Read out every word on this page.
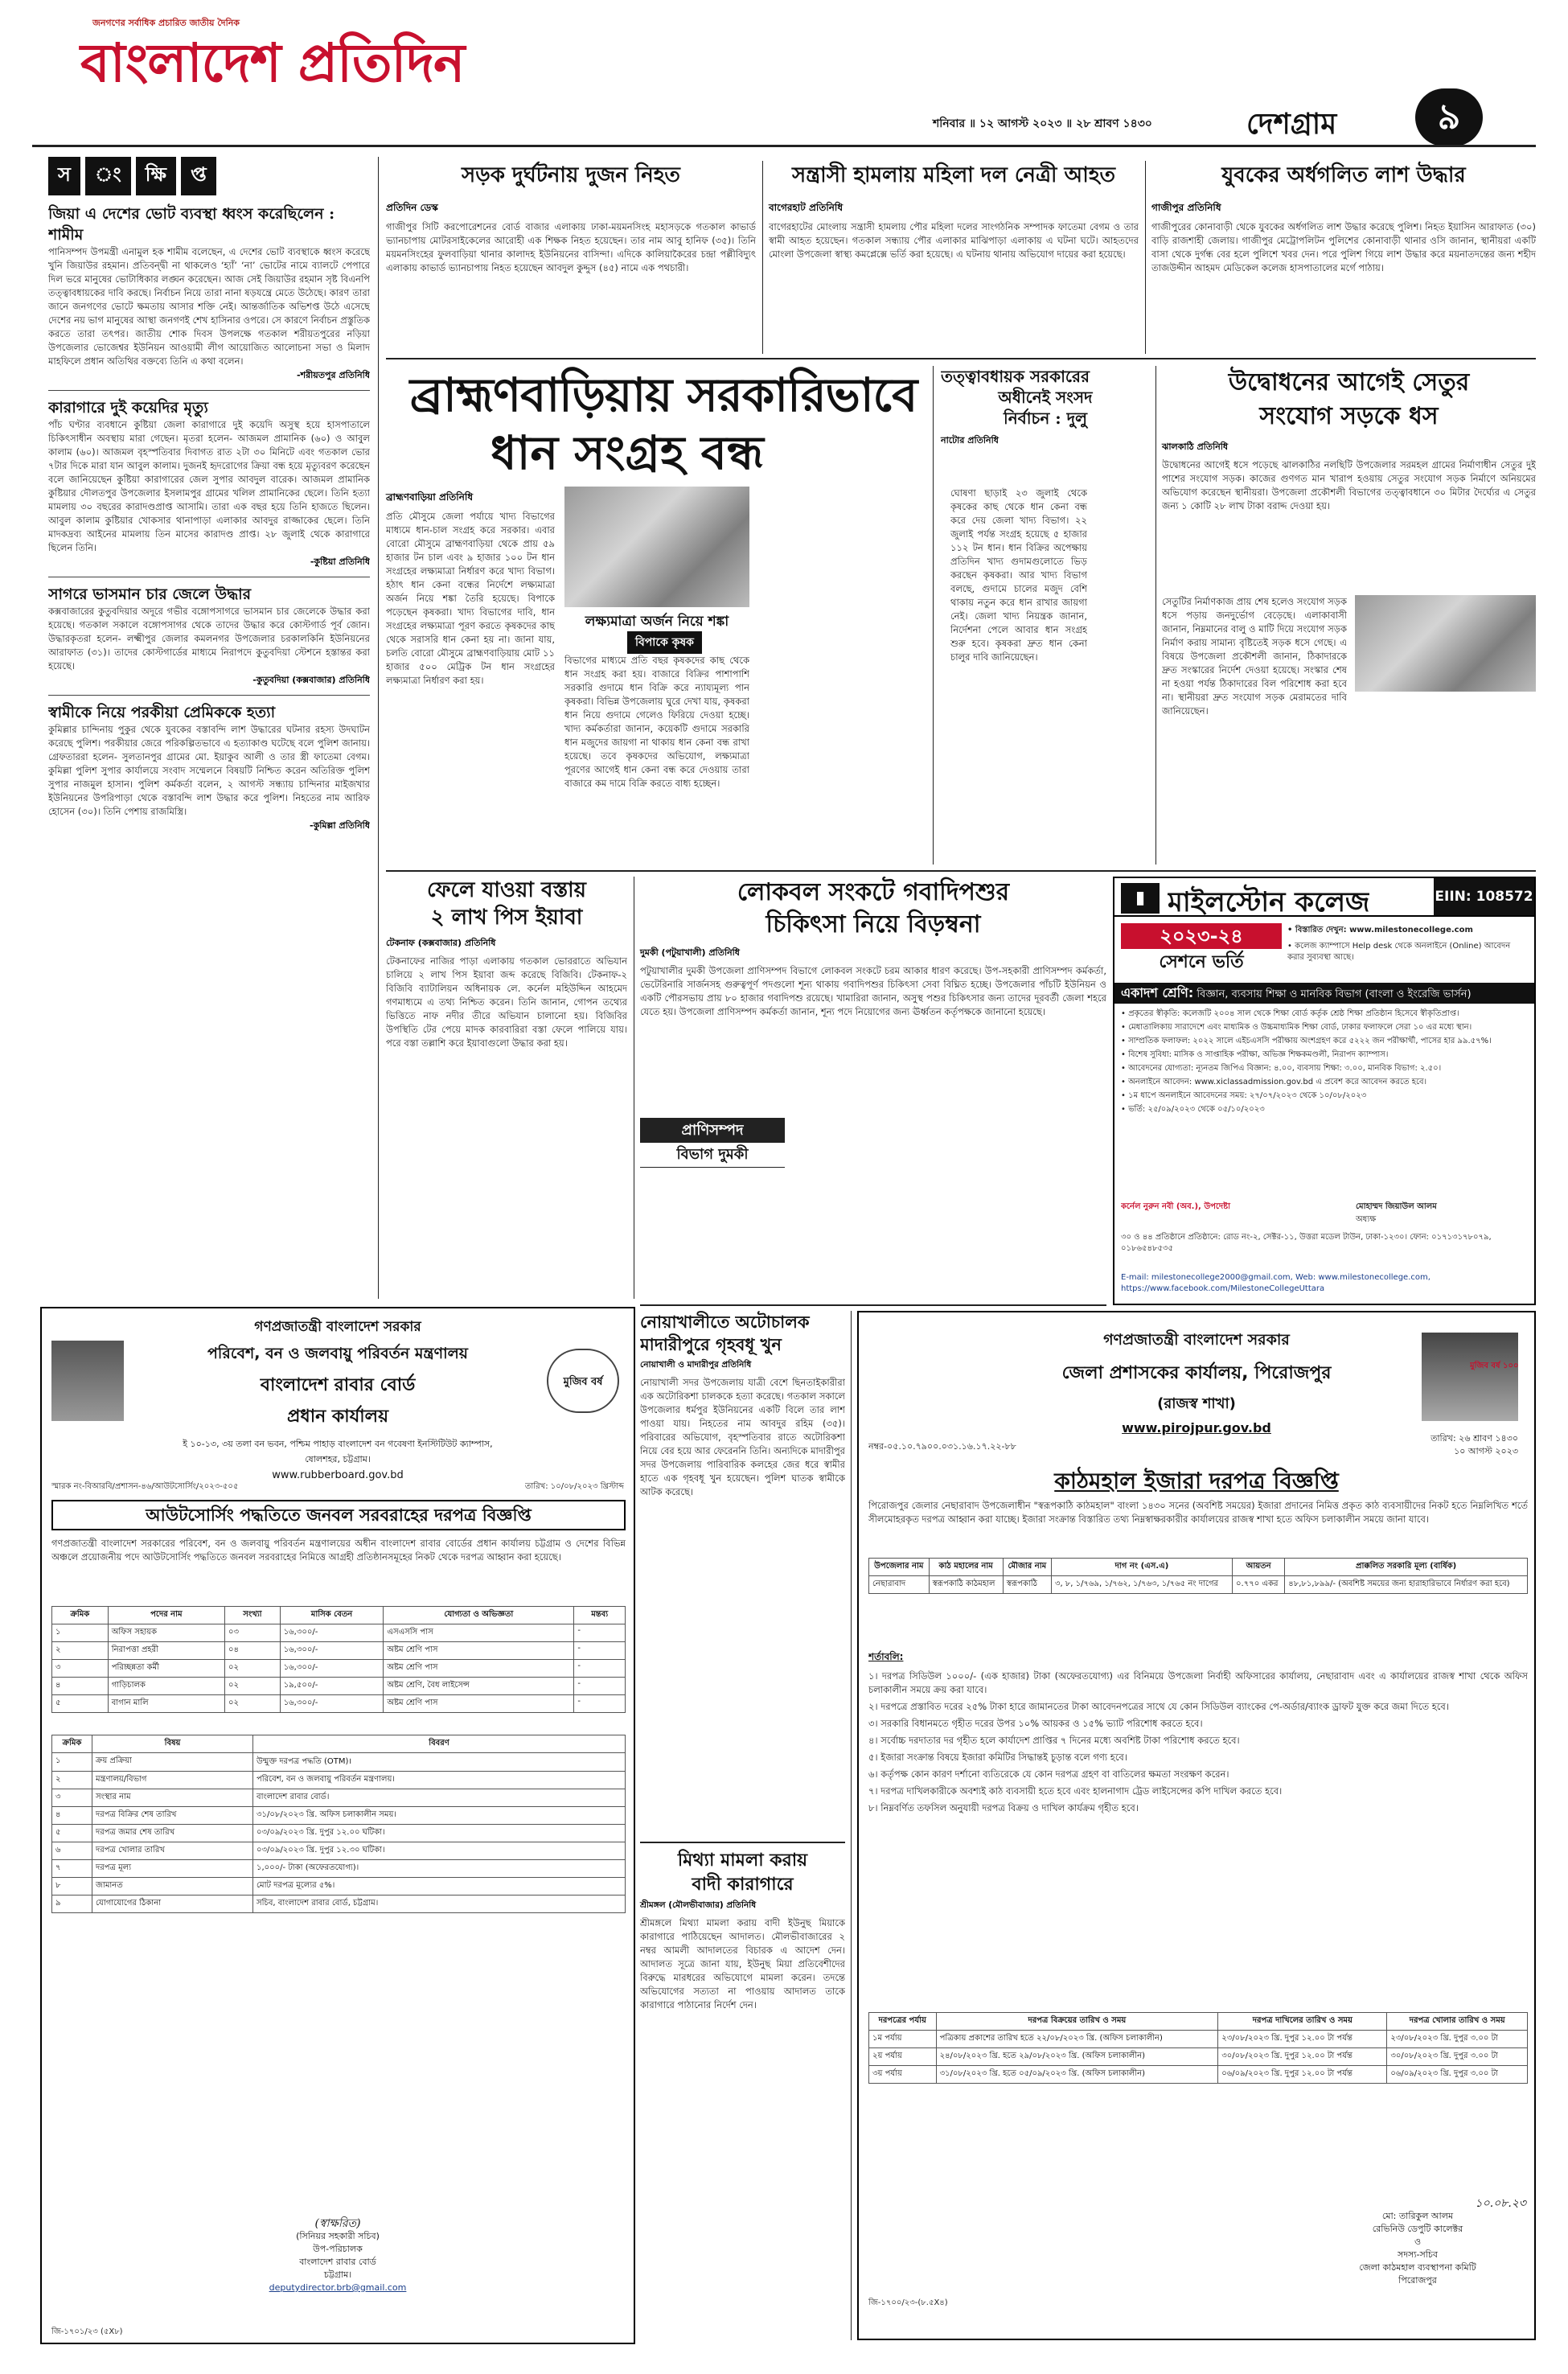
জনগণের সর্বাধিক প্রচারিত জাতীয় দৈনিক
বাংলাদেশ প্রতিদিন
শনিবার ॥ ১২ আগস্ট ২০২৩ ॥ ২৮ শ্রাবণ ১৪৩০	দেশগ্রাম	৯
স	ং	ক্ষি	প্ত
জিয়া এ দেশের ভোট ব্যবস্থা ধ্বংস করেছিলেন : শামীম
পানিসম্পদ উপমন্ত্রী এনামুল হক শামীম বলেছেন, এ দেশের ভোট ব্যবস্থাকে ধ্বংস করেছে খুনি জিয়াউর রহমান। প্রতিবন্দ্বী না থাকলেও ‘হ্যাঁ’ ‘না’ ভোটের নামে ব্যালটে পেপারে দিল ভরে মানুষের ভোটাধিকার লঙ্ঘন করেছেন। আজ সেই জিয়াউর রহমান সৃষ্ট বিএনপি তত্ত্বাবধায়কের দাবি করছে। নির্বাচন নিয়ে তারা নানা ষড়যন্ত্রে মেতে উঠেছে। কারণ তারা জানে জনগণের ভোটে ক্ষমতায় আসার শক্তি নেই। আন্তর্জাতিক অভিশপ্ত উঠে এসেছে দেশের নয় ভাগ মানুষের আস্থা জনগণই শেখ হাসিনার ওপরে। সে কারণে নির্বাচন প্রস্তুতিক করতে তারা তৎপর। জাতীয় শোক দিবস উপলক্ষে গতকাল শরীয়তপুরের নড়িয়া উপজেলার ভোজেশ্বর ইউনিয়ন আওয়ামী লীগ আয়োজিত আলোচনা সভা ও মিলাদ মাহফিলে প্রধান অতিথির বক্তব্যে তিনি এ কথা বলেন।
-শরীয়তপুর প্রতিনিধি
কারাগারে দুই কয়েদির মৃত্যু
পাঁচ ঘণ্টার ব্যবধানে কুষ্টিয়া জেলা কারাগারে দুই কয়েদি অসুস্থ হয়ে হাসপাতালে চিকিৎসাধীন অবস্থায় মারা গেছেন। মৃতরা হলেন- আজমল প্রামানিক (৬০) ও আবুল কালাম (৬০)। আজমল বৃহস্পতিবার দিবাগত রাত ২টা ৩০ মিনিটে এবং গতকাল ভোর ৭টার দিকে মারা যান আবুল কালাম। দুজনই হৃদরোগের ক্রিয়া বন্ধ হয়ে মৃত্যুবরণ করেছেন বলে জানিয়েছেন কুষ্টিয়া কারাগারের জেল সুপার আবদুল বারেক। আজমল প্রামানিক কুষ্টিয়ার দৌলতপুর উপজেলার ইসলামপুর গ্রামের খলিল প্রামানিকের ছেলে। তিনি হত্যা মামলায় ৩০ বছরের কারাদণ্ডপ্রাপ্ত আসামি। তারা এক বছর হয়ে তিনি হাজতে ছিলেন। আবুল কালাম কুষ্টিয়ার খোকসার থানাপাড়া এলাকার আবদুর রাজ্জাকের ছেলে। তিনি মাদকদ্রব্য আইনের মামলায় তিন মাসের কারাদণ্ড প্রাপ্ত। ২৮ জুলাই থেকে কারাগারে ছিলেন তিনি।
-কুষ্টিয়া প্রতিনিধি
সাগরে ভাসমান চার জেলে উদ্ধার
কক্সবাজারের কুতুবদিয়ার অদূরে গভীর বঙ্গোপসাগরে ভাসমান চার জেলেকে উদ্ধার করা হয়েছে। গতকাল সকালে বঙ্গোপসাগর থেকে তাদের উদ্ধার করে কোস্টগার্ড পূর্ব জোন। উদ্ধারকৃতরা হলেন- লক্ষ্মীপুর জেলার কমলনগর উপজেলার চরকালকিনি ইউনিয়নের আরাফাত (৩১)। তাদের কোস্টগার্ডের মাধ্যমে নিরাপদে কুতুবদিয়া স্টেশনে হস্তান্তর করা হয়েছে।
-কুতুবদিয়া (কক্সবাজার) প্রতিনিধি
স্বামীকে নিয়ে পরকীয়া প্রেমিককে হত্যা
কুমিল্লার চান্দিনায় পুকুর থেকে যুবকের বস্তাবন্দি লাশ উদ্ধারের ঘটনার রহস্য উদঘাটন করেছে পুলিশ। পরকীয়ার জেরে পরিকল্পিতভাবে এ হত্যাকাণ্ড ঘটেছে বলে পুলিশ জানায়। গ্রেফতাররা হলেন- সুলতানপুর গ্রামের মো. ইয়াকুব আলী ও তার স্ত্রী ফাতেমা বেগম। কুমিল্লা পুলিশ সুপার কার্যালয়ে সংবাদ সম্মেলনে বিষয়টি নিশ্চিত করেন অতিরিক্ত পুলিশ সুপার নাজমুল হাসান। পুলিশ কর্মকর্তা বলেন, ২ আগস্ট সন্ধ্যায় চান্দিনার মাইজখার ইউনিয়নের উপরিপাড়া থেকে বস্তাবন্দি লাশ উদ্ধার করে পুলিশ। নিহতের নাম আরিফ হোসেন (৩০)। তিনি পেশায় রাজমিস্ত্রি।
-কুমিল্লা প্রতিনিধি
সড়ক দুর্ঘটনায় দুজন নিহত
প্রতিদিন ডেস্ক
গাজীপুর সিটি করপোরেশনের বোর্ড বাজার এলাকায় ঢাকা-ময়মনসিংহ মহাসড়কে গতকাল কাভার্ড ভ্যানচাপায় মোটরসাইকেলের আরোহী এক শিক্ষক নিহত হয়েছেন। তার নাম আবু হানিফ (৩৫)। তিনি ময়মনসিংহের ফুলবাড়িয়া থানার কালাদহ ইউনিয়নের বাসিন্দা। এদিকে কালিয়াকৈরের চন্দ্রা পল্লীবিদ্যুৎ এলাকায় কাভার্ড ভ্যানচাপায় নিহত হয়েছেন আবদুল কুদ্দুস (৪৫) নামে এক পথচারী।
সন্ত্রাসী হামলায় মহিলা দল নেত্রী আহত
বাগেরহাট প্রতিনিধি
বাগেরহাটের মোংলায় সন্ত্রাসী হামলায় পৌর মহিলা দলের সাংগঠনিক সম্পাদক ফাতেমা বেগম ও তার স্বামী আহত হয়েছেন। গতকাল সন্ধ্যায় পৌর এলাকার মাঝিপাড়া এলাকায় এ ঘটনা ঘটে। আহতদের মোংলা উপজেলা স্বাস্থ্য কমপ্লেক্সে ভর্তি করা হয়েছে। এ ঘটনায় থানায় অভিযোগ দায়ের করা হয়েছে।
যুবকের অর্ধগলিত লাশ উদ্ধার
গাজীপুর প্রতিনিধি
গাজীপুরের কোনাবাড়ী থেকে যুবকের অর্ধগলিত লাশ উদ্ধার করেছে পুলিশ। নিহত ইয়াসিন আরাফাত (৩০) বাড়ি রাজশাহী জেলায়। গাজীপুর মেট্রোপলিটন পুলিশের কোনাবাড়ী থানার ওসি জানান, স্থানীয়রা একটি বাসা থেকে দুর্গন্ধ বের হলে পুলিশে খবর দেন। পরে পুলিশ গিয়ে লাশ উদ্ধার করে ময়নাতদন্তের জন্য শহীদ তাজউদ্দীন আহমদ মেডিকেল কলেজ হাসপাতালের মর্গে পাঠায়।
ব্রাহ্মণবাড়িয়ায় সরকারিভাবে
ধান সংগ্রহ বন্ধ
ব্রাহ্মণবাড়িয়া প্রতিনিধি
প্রতি মৌসুমে জেলা পর্যায়ে খাদ্য বিভাগের মাধ্যমে ধান-চাল সংগ্রহ করে সরকার। এবার বোরো মৌসুমে ব্রাহ্মণবাড়িয়া থেকে প্রায় ৫৯ হাজার টন চাল এবং ৯ হাজার ১০০ টন ধান সংগ্রহের লক্ষ্যমাত্রা নির্ধারণ করে খাদ্য বিভাগ। হঠাৎ ধান কেনা বন্ধের নির্দেশে লক্ষ্যমাত্রা অর্জন নিয়ে শঙ্কা তৈরি হয়েছে। বিপাকে পড়েছেন কৃষকরা। খাদ্য বিভাগের দাবি, ধান সংগ্রহের লক্ষ্যমাত্রা পূরণ করতে কৃষকদের কাছ থেকে সরাসরি ধান কেনা হয় না। জানা যায়, চলতি বোরো মৌসুমে ব্রাহ্মণবাড়িয়ায় মোট ১১ হাজার ৫০০ মেট্রিক টন ধান সংগ্রহের লক্ষ্যমাত্রা নির্ধারণ করা হয়।
লক্ষ্যমাত্রা অর্জন নিয়ে শঙ্কা
বিপাকে কৃষক
বিভাগের মাধ্যমে প্রতি বছর কৃষকদের কাছ থেকে ধান সংগ্রহ করা হয়। বাজারে বিক্রির পাশাপাশি সরকারি গুদামে ধান বিক্রি করে ন্যায্যমূল্য পান কৃষকরা। বিভিন্ন উপজেলায় ঘুরে দেখা যায়, কৃষকরা ধান নিয়ে গুদামে গেলেও ফিরিয়ে দেওয়া হচ্ছে। খাদ্য কর্মকর্তারা জানান, কয়েকটি গুদামে সরকারি ধান মজুদের জায়গা না থাকায় ধান কেনা বন্ধ রাখা হয়েছে। তবে কৃষকদের অভিযোগ, লক্ষ্যমাত্রা পূরণের আগেই ধান কেনা বন্ধ করে দেওয়ায় তারা বাজারে কম দামে বিক্রি করতে বাধ্য হচ্ছেন।
ঘোষণা ছাড়াই ২৩ জুলাই থেকে কৃষকের কাছ থেকে ধান কেনা বন্ধ করে দেয় জেলা খাদ্য বিভাগ। ২২ জুলাই পর্যন্ত সংগ্রহ হয়েছে ৫ হাজার ১১২ টন ধান। ধান বিক্রির অপেক্ষায় প্রতিদিন খাদ্য গুদামগুলোতে ভিড় করছেন কৃষকরা। আর খাদ্য বিভাগ বলছে, গুদামে চালের মজুদ বেশি থাকায় নতুন করে ধান রাখার জায়গা নেই। জেলা খাদ্য নিয়ন্ত্রক জানান, নির্দেশনা পেলে আবার ধান সংগ্রহ শুরু হবে। কৃষকরা দ্রুত ধান কেনা চালুর দাবি জানিয়েছেন।
তত্ত্বাবধায়ক সরকারের
অধীনেই সংসদ
নির্বাচন : দুলু
নাটোর প্রতিনিধি
উদ্বোধনের আগেই সেতুর
সংযোগ সড়কে ধস
ঝালকাঠি প্রতিনিধি
উদ্বোধনের আগেই ধসে পড়েছে ঝালকাঠির নলছিটি উপজেলার সরমহল গ্রামের নির্মাণাধীন সেতুর দুই পাশের সংযোগ সড়ক। কাজের গুণগত মান খারাপ হওয়ায় সেতুর সংযোগ সড়ক নির্মাণে অনিয়মের অভিযোগ করেছেন স্থানীয়রা। উপজেলা প্রকৌশলী বিভাগের তত্ত্বাবধানে ৩০ মিটার দৈর্ঘ্যের এ সেতুর জন্য ১ কোটি ২৮ লাখ টাকা বরাদ্দ দেওয়া হয়।
সেতুটির নির্মাণকাজ প্রায় শেষ হলেও সংযোগ সড়ক ধসে পড়ায় জনদুর্ভোগ বেড়েছে। এলাকাবাসী জানান, নিম্নমানের বালু ও মাটি দিয়ে সংযোগ সড়ক নির্মাণ করায় সামান্য বৃষ্টিতেই সড়ক ধসে গেছে। এ বিষয়ে উপজেলা প্রকৌশলী জানান, ঠিকাদারকে দ্রুত সংস্কারের নির্দেশ দেওয়া হয়েছে। সংস্কার শেষ না হওয়া পর্যন্ত ঠিকাদারের বিল পরিশোধ করা হবে না। স্থানীয়রা দ্রুত সংযোগ সড়ক মেরামতের দাবি জানিয়েছেন।
ফেলে যাওয়া বস্তায়
২ লাখ পিস ইয়াবা
টেকনাফ (কক্সবাজার) প্রতিনিধি
টেকনাফের নাজির পাড়া এলাকায় গতকাল ভোররাতে অভিযান চালিয়ে ২ লাখ পিস ইয়াবা জব্দ করেছে বিজিবি। টেকনাফ-২ বিজিবি ব্যাটালিয়ন অধিনায়ক লে. কর্নেল মহিউদ্দিন আহমেদ গণমাধ্যমে এ তথ্য নিশ্চিত করেন। তিনি জানান, গোপন তথ্যের ভিত্তিতে নাফ নদীর তীরে অভিযান চালানো হয়। বিজিবির উপস্থিতি টের পেয়ে মাদক কারবারিরা বস্তা ফেলে পালিয়ে যায়। পরে বস্তা তল্লাশি করে ইয়াবাগুলো উদ্ধার করা হয়।
লোকবল সংকটে গবাদিপশুর
চিকিৎসা নিয়ে বিড়ম্বনা
দুমকী (পটুয়াখালী) প্রতিনিধি
পটুয়াখালীর দুমকী উপজেলা প্রাণিসম্পদ বিভাগে লোকবল সংকটে চরম আকার ধারণ করেছে। উপ-সহকারী প্রাণিসম্পদ কর্মকর্তা, ভেটেরিনারি সার্জনসহ গুরুত্বপূর্ণ পদগুলো শূন্য থাকায় গবাদিপশুর চিকিৎসা সেবা বিঘ্নিত হচ্ছে। উপজেলার পাঁচটি ইউনিয়ন ও একটি পৌরসভায় প্রায় ৮০ হাজার গবাদিপশু রয়েছে। খামারিরা জানান, অসুস্থ পশুর চিকিৎসার জন্য তাদের দূরবর্তী জেলা শহরে যেতে হয়। উপজেলা প্রাণিসম্পদ কর্মকর্তা জানান, শূন্য পদে নিয়োগের জন্য ঊর্ধ্বতন কর্তৃপক্ষকে জানানো হয়েছে।
প্রাণিসম্পদ
বিভাগ দুমকী
▮ মাইলস্টোন কলেজ	EIIN: 108572
২০২৩-২৪
সেশনে ভর্তি
• বিস্তারিত দেখুন: www.milestonecollege.com
• কলেজ ক্যাম্পাসে Help desk থেকে অনলাইনে (Online) আবেদন করার সুব্যবস্থা আছে।
একাদশ শ্রেণি: বিজ্ঞান, ব্যবসায় শিক্ষা ও মানবিক বিভাগ (বাংলা ও ইংরেজি ভার্সন)
• প্রকৃতের স্বীকৃতি: কলেজটি ২০০৪ সাল থেকে শিক্ষা বোর্ড কর্তৃক শ্রেষ্ঠ শিক্ষা প্রতিষ্ঠান হিসেবে স্বীকৃতিপ্রাপ্ত।
• মেধাতালিকায় সারাদেশে এবং মাধ্যমিক ও উচ্চমাধ্যমিক শিক্ষা বোর্ড, ঢাকার ফলাফলে সেরা ১০ এর মধ্যে স্থান।
• সাম্প্রতিক ফলাফল: ২০২২ সালে এইচএসসি পরীক্ষায় অংশগ্রহণ করে ৫২২২ জন পরীক্ষার্থী, পাসের হার ৯৯.৫৭%।
• বিশেষ সুবিধা: মাসিক ও সাপ্তাহিক পরীক্ষা, অভিজ্ঞ শিক্ষকমণ্ডলী, নিরাপদ ক্যাম্পাস।
• আবেদনের যোগ্যতা: ন্যূনতম জিপিএ বিজ্ঞান: ৪.০০, ব্যবসায় শিক্ষা: ৩.০০, মানবিক বিভাগ: ২.৫০।
• অনলাইনে আবেদন: www.xiclassadmission.gov.bd এ প্রবেশ করে আবেদন করতে হবে।
• ১ম ধাপে অনলাইনে আবেদনের সময়: ২৭/০৭/২০২৩ থেকে ১০/০৮/২০২৩
• ভর্তি: ২৫/০৯/২০২৩ থেকে ০৫/১০/২০২৩
কর্নেল নুরুন নবী (অব.), উপদেষ্টা	মোহাম্মদ জিয়াউল আলম
অধ্যক্ষ
৩০ ও ৪৪ প্রতিষ্ঠানে প্রতিষ্ঠানে: রোড নং-২, সেক্টর-১১, উত্তরা মডেল টাউন, ঢাকা-১২৩০। ফোন: ০১৭১৩১৭৮০৭৯, ০১৮৬৫৪৮৫৩৫
E-mail: milestonecollege2000@gmail.com, Web: www.milestonecollege.com, https://www.facebook.com/MilestoneCollegeUttara
নোয়াখালীতে অটোচালক
মাদারীপুরে গৃহবধূ খুন
নোয়াখালী ও মাদারীপুর প্রতিনিধি
নোয়াখালী সদর উপজেলায় যাত্রী বেশে ছিনতাইকারীরা এক অটোরিকশা চালককে হত্যা করেছে। গতকাল সকালে উপজেলার ধর্মপুর ইউনিয়নের একটি বিলে তার লাশ পাওয়া যায়। নিহতের নাম আবদুর রহিম (৩৫)। পরিবারের অভিযোগ, বৃহস্পতিবার রাতে অটোরিকশা নিয়ে বের হয়ে আর ফেরেননি তিনি। অন্যদিকে মাদারীপুর সদর উপজেলায় পারিবারিক কলহের জের ধরে স্বামীর হাতে এক গৃহবধূ খুন হয়েছেন। পুলিশ ঘাতক স্বামীকে আটক করেছে।
মিথ্যা মামলা করায়
বাদী কারাগারে
শ্রীমঙ্গল (মৌলভীবাজার) প্রতিনিধি
শ্রীমঙ্গলে মিথ্যা মামলা করায় বাদী ইউনুছ মিয়াকে কারাগারে পাঠিয়েছেন আদালত। মৌলভীবাজারের ২ নম্বর আমলী আদালতের বিচারক এ আদেশ দেন। আদালত সূত্রে জানা যায়, ইউনুছ মিয়া প্রতিবেশীদের বিরুদ্ধে মারধরের অভিযোগে মামলা করেন। তদন্তে অভিযোগের সত্যতা না পাওয়ায় আদালত তাকে কারাগারে পাঠানোর নির্দেশ দেন।
গণপ্রজাতন্ত্রী বাংলাদেশ সরকার
পরিবেশ, বন ও জলবায়ু পরিবর্তন মন্ত্রণালয়
বাংলাদেশ রাবার বোর্ড
প্রধান কার্যালয়
ই ১০-১৩, ৩য় তলা বন ভবন, পশ্চিম পাহাড় বাংলাদেশ বন গবেষণা ইনস্টিটিউট ক্যাম্পাস, ষোলশহর, চট্টগ্রাম।
www.rubberboard.gov.bd
মুজিব বর্ষ
স্মারক নং-বিআরবি/প্রশাসন-৪৬/আউটসোর্সিং/২০২৩-৫০৫	তারিখ: ১০/০৮/২০২৩ খ্রিস্টাব্দ
আউটসোর্সিং পদ্ধতিতে জনবল সরবরাহের দরপত্র বিজ্ঞপ্তি
গণপ্রজাতন্ত্রী বাংলাদেশ সরকারের পরিবেশ, বন ও জলবায়ু পরিবর্তন মন্ত্রণালয়ের অধীন বাংলাদেশ রাবার বোর্ডের প্রধান কার্যালয় চট্টগ্রাম ও দেশের বিভিন্ন অঞ্চলে প্রয়োজনীয় পদে আউটসোর্সিং পদ্ধতিতে জনবল সরবরাহের নিমিত্তে আগ্রহী প্রতিষ্ঠানসমূহের নিকট থেকে দরপত্র আহ্বান করা হয়েছে।
ক্রমিক	পদের নাম	সংখ্যা	মাসিক বেতন	যোগ্যতা ও অভিজ্ঞতা	মন্তব্য
১	অফিস সহায়ক	০৩	১৬,৩০০/-	এসএসসি পাস	-
২	নিরাপত্তা প্রহরী	০৪	১৬,৩০০/-	অষ্টম শ্রেণি পাস	-
৩	পরিচ্ছন্নতা কর্মী	০২	১৬,৩০০/-	অষ্টম শ্রেণি পাস	-
৪	গাড়িচালক	০২	১৯,৫০০/-	অষ্টম শ্রেণি, বৈধ লাইসেন্স	-
৫	বাগান মালি	০২	১৬,৩০০/-	অষ্টম শ্রেণি পাস	-
ক্রমিক	বিষয়	বিবরণ
১	ক্রয় প্রক্রিয়া	উন্মুক্ত দরপত্র পদ্ধতি (OTM)।
২	মন্ত্রণালয়/বিভাগ	পরিবেশ, বন ও জলবায়ু পরিবর্তন মন্ত্রণালয়।
৩	সংস্থার নাম	বাংলাদেশ রাবার বোর্ড।
৪	দরপত্র বিক্রির শেষ তারিখ	৩১/০৮/২০২৩ খ্রি. অফিস চলাকালীন সময়।
৫	দরপত্র জমার শেষ তারিখ	০৩/০৯/২০২৩ খ্রি. দুপুর ১২.০০ ঘটিকা।
৬	দরপত্র খোলার তারিখ	০৩/০৯/২০২৩ খ্রি. দুপুর ১২.৩০ ঘটিকা।
৭	দরপত্র মূল্য	১,০০০/- টাকা (অফেরতযোগ্য)।
৮	জামানত	মোট দরপত্র মূল্যের ৫%।
৯	যোগাযোগের ঠিকানা	সচিব, বাংলাদেশ রাবার বোর্ড, চট্টগ্রাম।
(স্বাক্ষরিত)
(সিনিয়র সহকারী সচিব)
উপ-পরিচালক
বাংলাদেশ রাবার বোর্ড
চট্টগ্রাম।
deputydirector.brb@gmail.com
জি-১৭০১/২৩ (৫X৮)
গণপ্রজাতন্ত্রী বাংলাদেশ সরকার
জেলা প্রশাসকের কার্যালয়, পিরোজপুর
(রাজস্ব শাখা)
www.pirojpur.gov.bd
মুজিব বর্ষ ১০০
নম্বর-০৫.১০.৭৯০০.০৩১.১৬.১৭.২২-৮৮
তারিখ: ২৬ শ্রাবণ ১৪৩০
১০ আগস্ট ২০২৩
কাঠমহাল ইজারা দরপত্র বিজ্ঞপ্তি
পিরোজপুর জেলার নেছারাবাদ উপজেলাধীন "স্বরূপকাঠি কাঠমহাল" বাংলা ১৪৩০ সনের (অবশিষ্ট সময়ের) ইজারা প্রদানের নিমিত্ত প্রকৃত কাঠ ব্যবসায়ীদের নিকট হতে নিম্নলিখিত শর্তে সীলমোহরকৃত দরপত্র আহ্বান করা যাচ্ছে। ইজারা সংক্রান্ত বিস্তারিত তথ্য নিম্নস্বাক্ষরকারীর কার্যালয়ের রাজস্ব শাখা হতে অফিস চলাকালীন সময়ে জানা যাবে।
উপজেলার নাম	কাঠ মহালের নাম	মৌজার নাম	দাগ নং (এস.এ)	আয়তন	প্রাক্কলিত সরকারি মূল্য (বার্ষিক)
নেছারাবাদ	স্বরূপকাঠি কাঠমহাল	স্বরূপকাঠি	৩, ৮, ১/৭৬৯, ১/৭৬২, ১/৭৬৩, ১/৭৬৫ নং দাগের	০.৭৭০ একর	৪৮,৮১,৮৯৯/- (অবশিষ্ট সময়ের জন্য হারাহারিভাবে নির্ধারণ করা হবে)
শর্তাবলি:
১। দরপত্র সিডিউল ১০০০/- (এক হাজার) টাকা (অফেরতযোগ্য) এর বিনিময়ে উপজেলা নির্বাহী অফিসারের কার্যালয়, নেছারাবাদ এবং এ কার্যালয়ের রাজস্ব শাখা থেকে অফিস চলাকালীন সময়ে ক্রয় করা যাবে।
২। দরপত্রে প্রস্তাবিত দরের ২৫% টাকা হারে জামানতের টাকা আবেদনপত্রের সাথে যে কোন সিডিউল ব্যাংকের পে-অর্ডার/ব্যাংক ড্রাফট যুক্ত করে জমা দিতে হবে।
৩। সরকারি বিধানমতে গৃহীত দরের উপর ১০% আয়কর ও ১৫% ভ্যাট পরিশোধ করতে হবে।
৪। সর্বোচ্চ দরদাতার দর গৃহীত হলে কার্যাদেশ প্রাপ্তির ৭ দিনের মধ্যে অবশিষ্ট টাকা পরিশোধ করতে হবে।
৫। ইজারা সংক্রান্ত বিষয়ে ইজারা কমিটির সিদ্ধান্তই চূড়ান্ত বলে গণ্য হবে।
৬। কর্তৃপক্ষ কোন কারণ দর্শানো ব্যতিরেকে যে কোন দরপত্র গ্রহণ বা বাতিলের ক্ষমতা সংরক্ষণ করেন।
৭। দরপত্র দাখিলকারীকে অবশ্যই কাঠ ব্যবসায়ী হতে হবে এবং হালনাগাদ ট্রেড লাইসেন্সের কপি দাখিল করতে হবে।
৮। নিম্নবর্ণিত তফসিল অনুযায়ী দরপত্র বিক্রয় ও দাখিল কার্যক্রম গৃহীত হবে।
দরপত্রের পর্যায়	দরপত্র বিক্রয়ের তারিখ ও সময়	দরপত্র দাখিলের তারিখ ও সময়	দরপত্র খোলার তারিখ ও সময়
১ম পর্যায়	পত্রিকায় প্রকাশের তারিখ হতে ২২/০৮/২০২৩ খ্রি. (অফিস চলাকালীন)	২৩/০৮/২০২৩ খ্রি. দুপুর ১২.০০ টা পর্যন্ত	২৩/০৮/২০২৩ খ্রি. দুপুর ৩.০০ টা
২য় পর্যায়	২৪/০৮/২০২৩ খ্রি. হতে ২৯/০৮/২০২৩ খ্রি. (অফিস চলাকালীন)	৩০/০৮/২০২৩ খ্রি. দুপুর ১২.০০ টা পর্যন্ত	৩০/০৮/২০২৩ খ্রি. দুপুর ৩.০০ টা
৩য় পর্যায়	৩১/০৮/২০২৩ খ্রি. হতে ০৫/০৯/২০২৩ খ্রি. (অফিস চলাকালীন)	০৬/০৯/২০২৩ খ্রি. দুপুর ১২.০০ টা পর্যন্ত	০৬/০৯/২০২৩ খ্রি. দুপুর ৩.০০ টা
১০.০৮.২৩
মো: তারিকুল আলম
রেভিনিউ ডেপুটি কালেক্টর
ও
সদস্য-সচিব
জেলা কাঠমহাল ব্যবস্থাপনা কমিটি
পিরোজপুর
জি-১৭০০/২৩-(৮.৫X৪)
